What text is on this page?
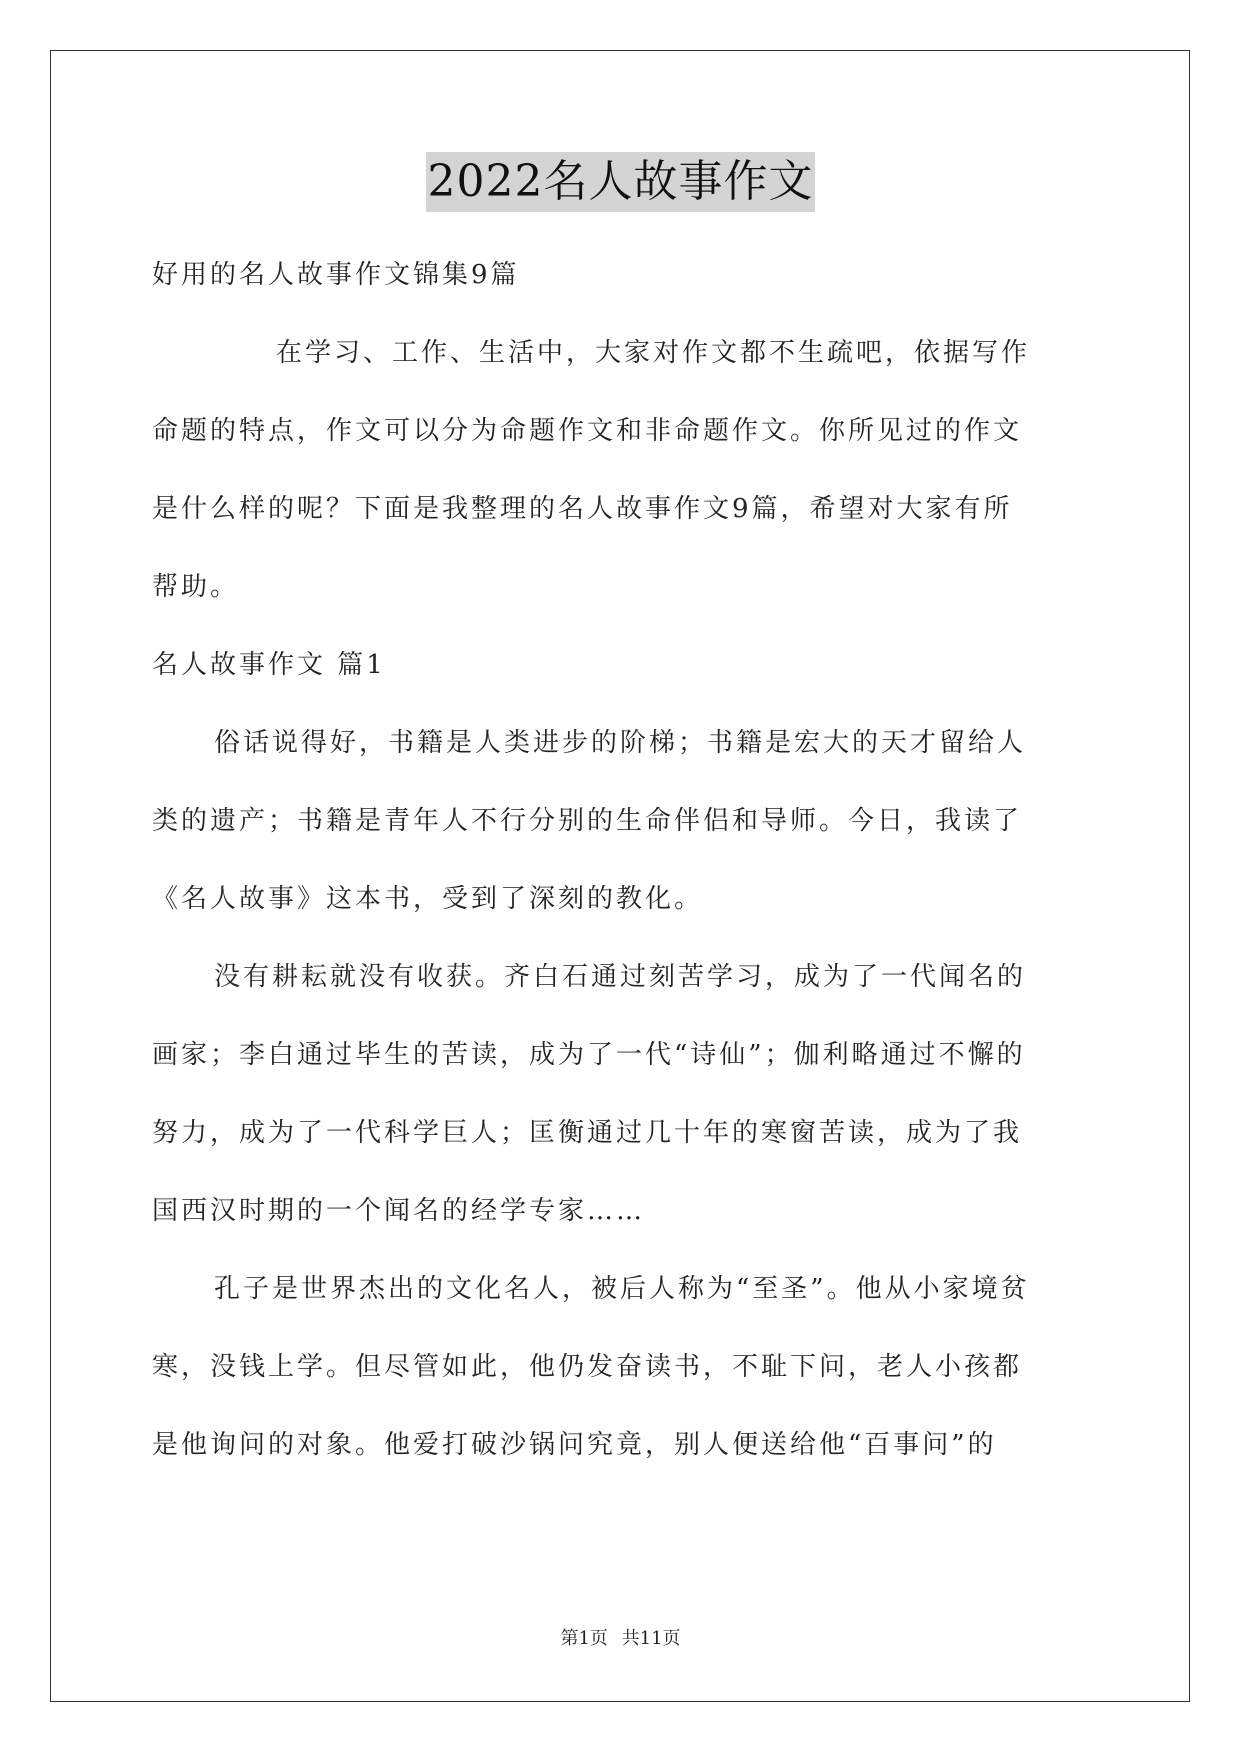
2022名人故事作文
好用的名人故事作文锦集9篇
在学习、工作、生活中，大家对作文都不生疏吧，依据写作
命题的特点，作文可以分为命题作文和非命题作文。你所见过的作文
是什么样的呢？下面是我整理的名人故事作文9篇，希望对大家有所
帮助。
名人故事作文 篇1
俗话说得好，书籍是人类进步的阶梯；书籍是宏大的天才留给人
类的遗产；书籍是青年人不行分别的生命伴侣和导师。今日，我读了
《名人故事》这本书，受到了深刻的教化。
没有耕耘就没有收获。齐白石通过刻苦学习，成为了一代闻名的
画家；李白通过毕生的苦读，成为了一代“诗仙”；伽利略通过不懈的
努力，成为了一代科学巨人；匡衡通过几十年的寒窗苦读，成为了我
国西汉时期的一个闻名的经学专家……
孔子是世界杰出的文化名人，被后人称为“至圣”。他从小家境贫
寒，没钱上学。但尽管如此，他仍发奋读书，不耻下问，老人小孩都
是他询问的对象。他爱打破沙锅问究竟，别人便送给他“百事问”的
第1页 共11页
